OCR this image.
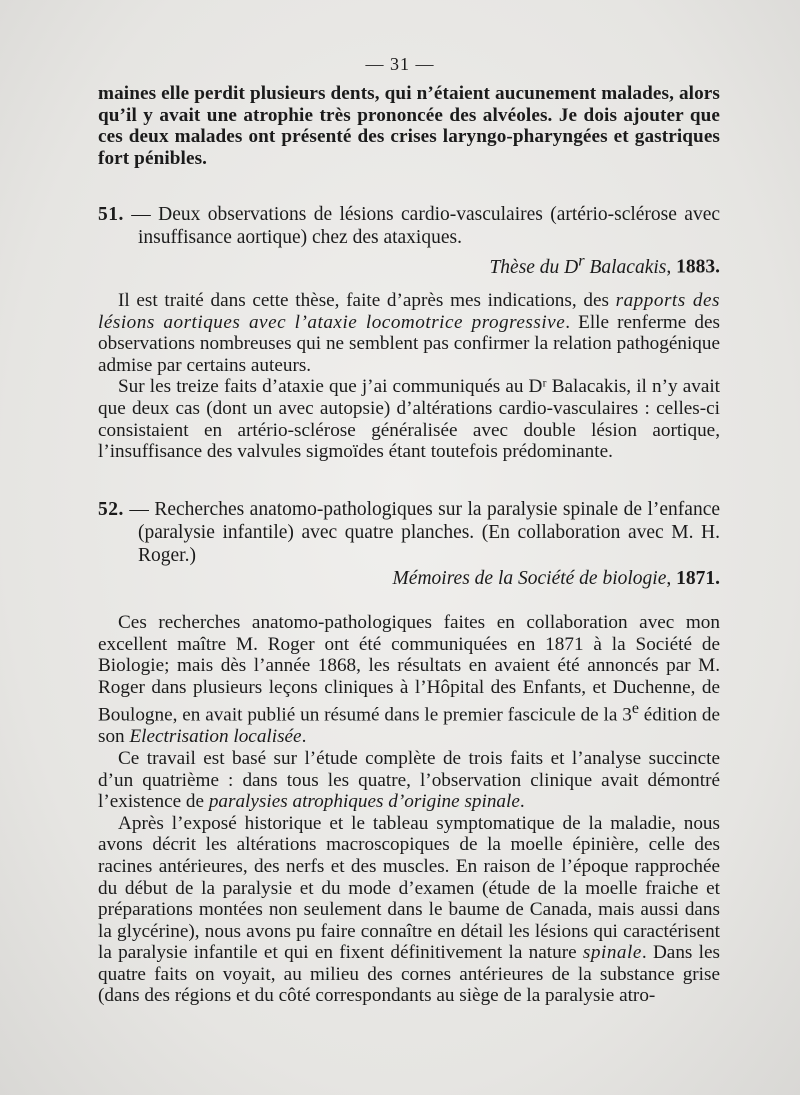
— 31 —

maines elle perdit plusieurs dents, qui n’étaient aucunement malades, alors qu’il y avait une atrophie très prononcée des alvéoles. Je dois ajouter que ces deux malades ont présenté des crises laryngo-pharyngées et gastriques fort pénibles.

51. — Deux observations de lésions cardio-vasculaires (artério-sclérose avec insuffisance aortique) chez des ataxiques.

Thèse du $D^r$ Balacakis, 1883.

Il est traité dans cette thèse, faite d’après mes indications, des rapports des lésions aortiques avec l’ataxie locomotrice progressive. Elle renferme des observations nombreuses qui ne semblent pas confirmer la relation pathogénique admise par certains auteurs.

Sur les treize faits d’ataxie que j’ai communiqués au Dʳ Balacakis, il n’y avait que deux cas (dont un avec autopsie) d’altérations cardio-vasculaires : celles-ci consistaient en artério-sclérose généralisée avec double lésion aortique, l’insuffisance des valvules sigmoïdes étant toutefois prédominante.

52. — Recherches anatomo-pathologiques sur la paralysie spinale de l’enfance (paralysie infantile) avec quatre planches. (En collaboration avec M. H. Roger.)

Mémoires de la Société de biologie, 1871.

Ces recherches anatomo-pathologiques faites en collaboration avec mon excellent maître M. Roger ont été communiquées en 1871 à la Société de Biologie; mais dès l’année 1868, les résultats en avaient été annoncés par M. Roger dans plusieurs leçons cliniques à l’Hôpital des Enfants, et Duchenne, de Boulogne, en avait publié un résumé dans le premier fascicule de la 3e édition de son Electrisation localisée.

Ce travail est basé sur l’étude complète de trois faits et l’analyse succincte d’un quatrième : dans tous les quatre, l’observation clinique avait démontré l’existence de paralysies atrophiques d’origine spinale.

Après l’exposé historique et le tableau symptomatique de la maladie, nous avons décrit les altérations macroscopiques de la moelle épinière, celle des racines antérieures, des nerfs et des muscles. En raison de l’époque rapprochée du début de la paralysie et du mode d’examen (étude de la moelle fraiche et préparations montées non seulement dans le baume de Canada, mais aussi dans la glycérine), nous avons pu faire connaître en détail les lésions qui caractérisent la paralysie infantile et qui en fixent définitivement la nature spinale. Dans les quatre faits on voyait, au milieu des cornes antérieures de la substance grise (dans des régions et du côté correspondants au siège de la paralysie atro-
